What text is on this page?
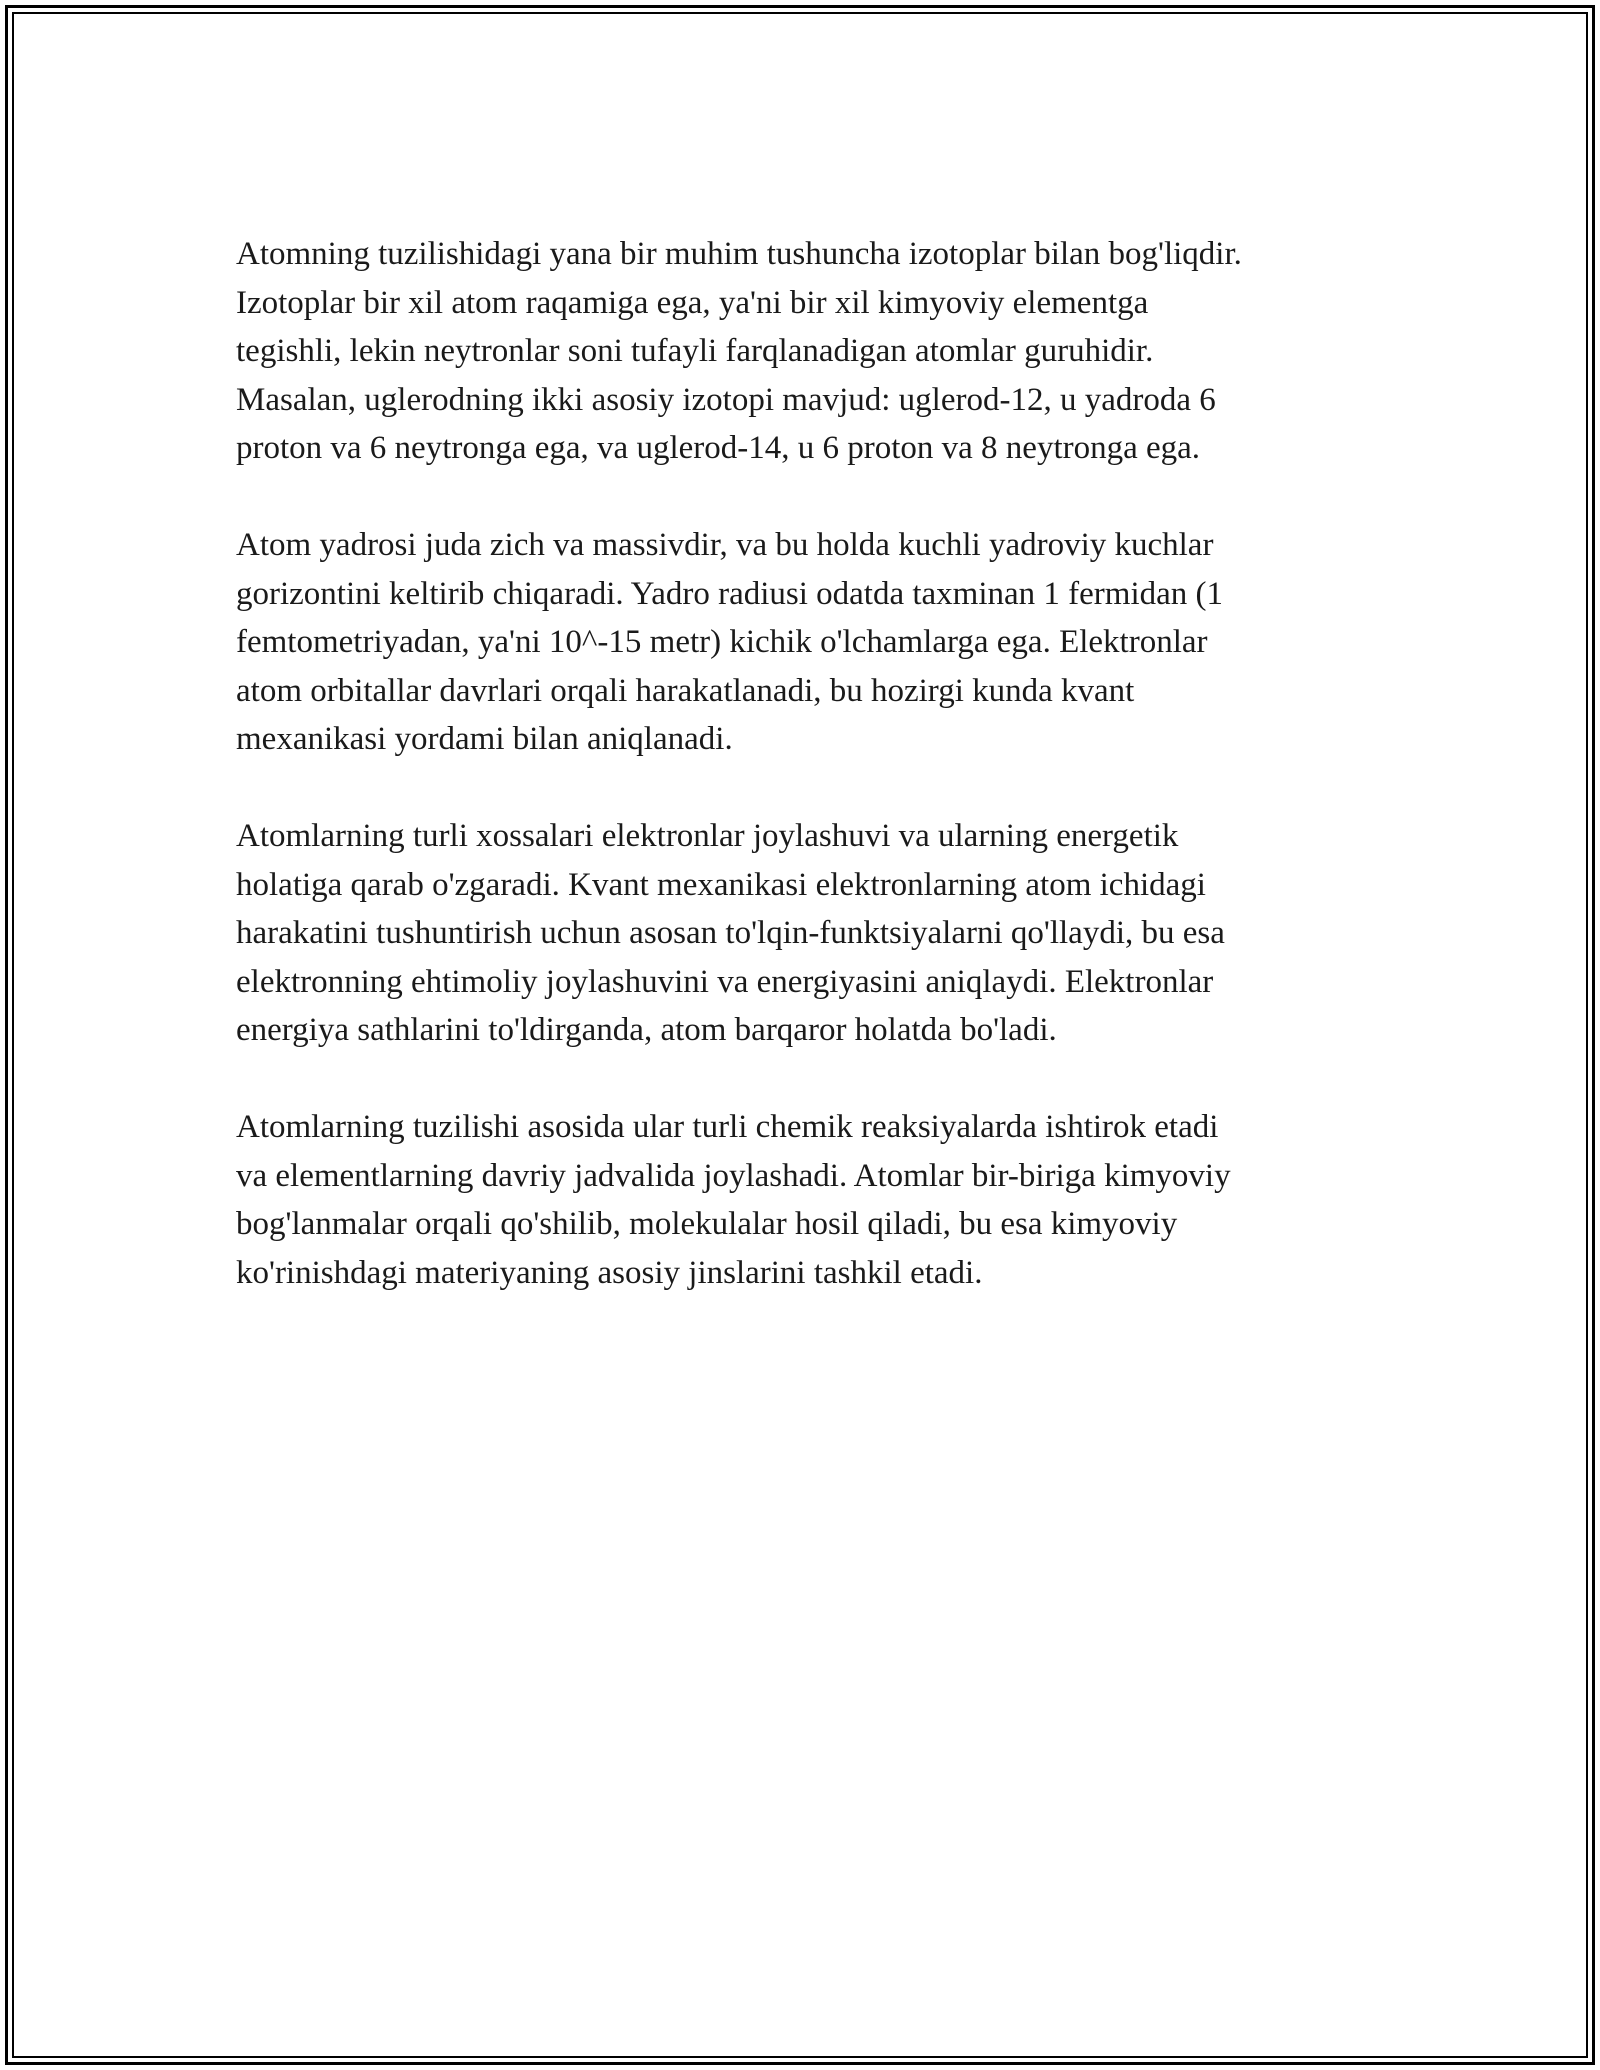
Atomning tuzilishidagi yana bir muhim tushuncha izotoplar bilan bog'liqdir.
Izotoplar bir xil atom raqamiga ega, ya'ni bir xil kimyoviy elementga
tegishli, lekin neytronlar soni tufayli farqlanadigan atomlar guruhidir.
Masalan, uglerodning ikki asosiy izotopi mavjud: uglerod-12, u yadroda 6
proton va 6 neytronga ega, va uglerod-14, u 6 proton va 8 neytronga ega.

Atom yadrosi juda zich va massivdir, va bu holda kuchli yadroviy kuchlar
gorizontini keltirib chiqaradi. Yadro radiusi odatda taxminan 1 fermidan (1
femtometriyadan, ya'ni 10^-15 metr) kichik o'lchamlarga ega. Elektronlar
atom orbitallar davrlari orqali harakatlanadi, bu hozirgi kunda kvant
mexanikasi yordami bilan aniqlanadi.

Atomlarning turli xossalari elektronlar joylashuvi va ularning energetik
holatiga qarab o'zgaradi. Kvant mexanikasi elektronlarning atom ichidagi
harakatini tushuntirish uchun asosan to'lqin-funktsiyalarni qo'llaydi, bu esa
elektronning ehtimoliy joylashuvini va energiyasini aniqlaydi. Elektronlar
energiya sathlarini to'ldirganda, atom barqaror holatda bo'ladi.

Atomlarning tuzilishi asosida ular turli chemik reaksiyalarda ishtirok etadi
va elementlarning davriy jadvalida joylashadi. Atomlar bir-biriga kimyoviy
bog'lanmalar orqali qo'shilib, molekulalar hosil qiladi, bu esa kimyoviy
ko'rinishdagi materiyaning asosiy jinslarini tashkil etadi.
